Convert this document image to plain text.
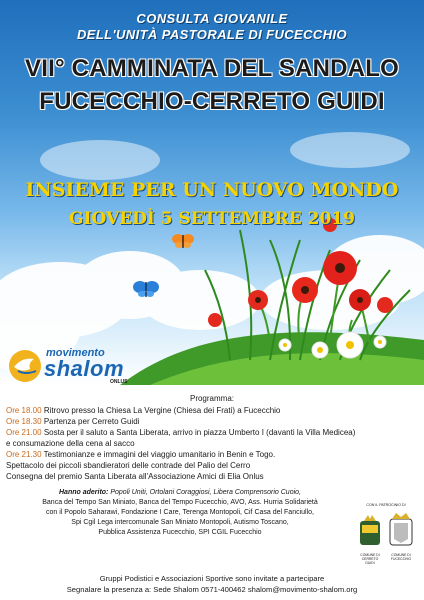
CONSULTA GIOVANILE

DELL'UNITÀ PASTORALE DI FUCECCHIO

VII° CAMMINATA DEL SANDALO

FUCECCHIO-CERRETO GUIDI

INSIEME PER UN NUOVO MONDO

GIOVEDÌ 5 SETTEMBRE 2019

movimento
shalom
ONLUS
Programma:
Ore 18.00 Ritrovo presso la Chiesa La Vergine (Chiesa dei Frati) a Fucecchio
Ore 18.30 Partenza per Cerreto Guidi
Ore 21.00 Sosta per il saluto a Santa Liberata, arrivo in piazza Umberto I (davanti la Villa Medicea)
e consumazione della cena al sacco
Ore 21.30 Testimonianze e immagini del viaggio umanitario in Benin e Togo.
Spettacolo dei piccoli sbandieratori delle contrade del Palio del Cerro
Consegna del premio Santa Liberata all'Associazione Amici di Elia Onlus
Hanno aderito: Popoli Uniti, Ortolani Coraggiosi, Libera Comprensorio Cuoio,
Banca del Tempo San Miniato, Banca del Tempo Fucecchio, AVO, Ass. Hurria Solidarietà
con il Popolo Saharawi, Fondazione I Care, Terenga Montopoli, Cif Casa del Fanciullo,
Spi Cgil Lega intercomunale San Miniato Montopoli, Autismo Toscano,
Pubblica Assistenza Fucecchio, SPI CGIL Fucecchio
CON IL PATROCINIO DI
COMUNE DI CERRETO GUIDI
COMUNE DI FUCECCHIO
Gruppi Podistici e Associazioni Sportive sono invitate a partecipare
Segnalare la presenza a: Sede Shalom 0571-400462 shalom@movimento-shalom.org
